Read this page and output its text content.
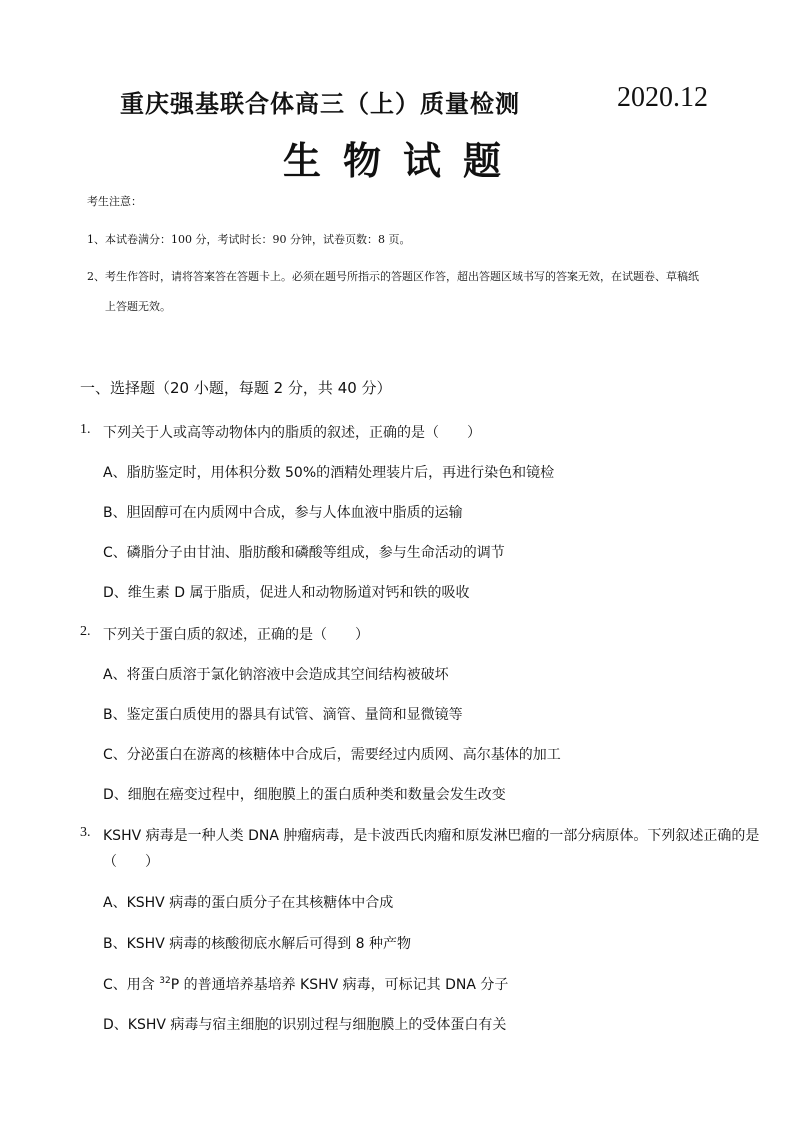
重庆强基联合体高三（上）质量检测	2020.12
生物试题
考生注意：
1、本试卷满分：100 分，考试时长：90 分钟，试卷页数：8 页。
2、考生作答时，请将答案答在答题卡上。必须在题号所指示的答题区作答，超出答题区域书写的答案无效，在试题卷、草稿纸
上答题无效。
一、选择题（20 小题，每题 2 分，共 40 分）
1. 下列关于人或高等动物体内的脂质的叙述，正确的是（　　）
A、脂肪鉴定时，用体积分数 50%的酒精处理装片后，再进行染色和镜检
B、胆固醇可在内质网中合成，参与人体血液中脂质的运输
C、磷脂分子由甘油、脂肪酸和磷酸等组成，参与生命活动的调节
D、维生素 D 属于脂质，促进人和动物肠道对钙和铁的吸收
2. 下列关于蛋白质的叙述，正确的是（　　）
A、将蛋白质溶于氯化钠溶液中会造成其空间结构被破坏
B、鉴定蛋白质使用的器具有试管、滴管、量筒和显微镜等
C、分泌蛋白在游离的核糖体中合成后，需要经过内质网、高尔基体的加工
D、细胞在癌变过程中，细胞膜上的蛋白质种类和数量会发生改变
3. KSHV 病毒是一种人类 DNA 肿瘤病毒，是卡波西氏肉瘤和原发淋巴瘤的一部分病原体。下列叙述正确的是
（　　）
A、KSHV 病毒的蛋白质分子在其核糖体中合成
B、KSHV 病毒的核酸彻底水解后可得到 8 种产物
C、用含 $^{32}$P 的普通培养基培养 KSHV 病毒，可标记其 DNA 分子
D、KSHV 病毒与宿主细胞的识别过程与细胞膜上的受体蛋白有关
